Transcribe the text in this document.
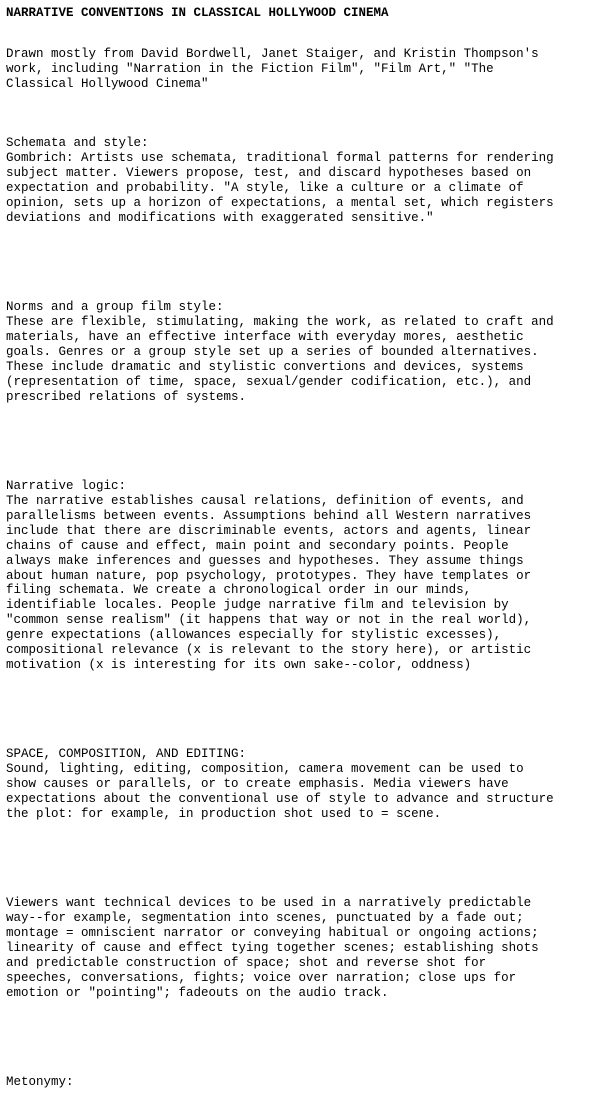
NARRATIVE CONVENTIONS IN CLASSICAL HOLLYWOOD CINEMA

Drawn mostly from David Bordwell, Janet Staiger, and Kristin Thompson's
work, including "Narration in the Fiction Film", "Film Art," "The
Classical Hollywood Cinema"

Schemata and style:
Gombrich: Artists use schemata, traditional formal patterns for rendering
subject matter. Viewers propose, test, and discard hypotheses based on
expectation and probability. "A style, like a culture or a climate of
opinion, sets up a horizon of expectations, a mental set, which registers
deviations and modifications with exaggerated sensitive."

Norms and a group film style:
These are flexible, stimulating, making the work, as related to craft and
materials, have an effective interface with everyday mores, aesthetic
goals. Genres or a group style set up a series of bounded alternatives.
These include dramatic and stylistic convertions and devices, systems
(representation of time, space, sexual/gender codification, etc.), and
prescribed relations of systems.

Narrative logic:
The narrative establishes causal relations, definition of events, and
parallelisms between events. Assumptions behind all Western narratives
include that there are discriminable events, actors and agents, linear
chains of cause and effect, main point and secondary points. People
always make inferences and guesses and hypotheses. They assume things
about human nature, pop psychology, prototypes. They have templates or
filing schemata. We create a chronological order in our minds,
identifiable locales. People judge narrative film and television by
"common sense realism" (it happens that way or not in the real world),
genre expectations (allowances especially for stylistic excesses),
compositional relevance (x is relevant to the story here), or artistic
motivation (x is interesting for its own sake--color, oddness)

SPACE, COMPOSITION, AND EDITING:
Sound, lighting, editing, composition, camera movement can be used to
show causes or parallels, or to create emphasis. Media viewers have
expectations about the conventional use of style to advance and structure
the plot: for example, in production shot used to = scene.

Viewers want technical devices to be used in a narratively predictable
way--for example, segmentation into scenes, punctuated by a fade out;
montage = omniscient narrator or conveying habitual or ongoing actions;
linearity of cause and effect tying together scenes; establishing shots
and predictable construction of space; shot and reverse shot for
speeches, conversations, fights; voice over narration; close ups for
emotion or "pointing"; fadeouts on the audio track.

Metonymy:
